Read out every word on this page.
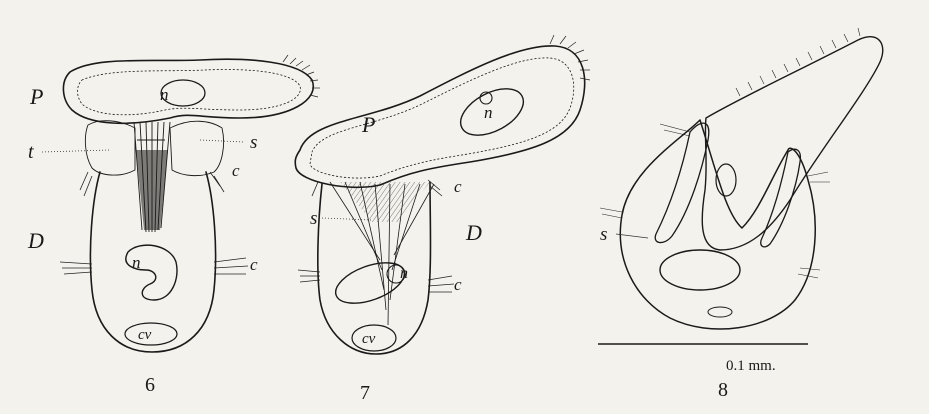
P	n
t	s
c
D
c
n
cv
6
P	n
s
c
D
c
n
cv
7
s
8
0.1 mm.
